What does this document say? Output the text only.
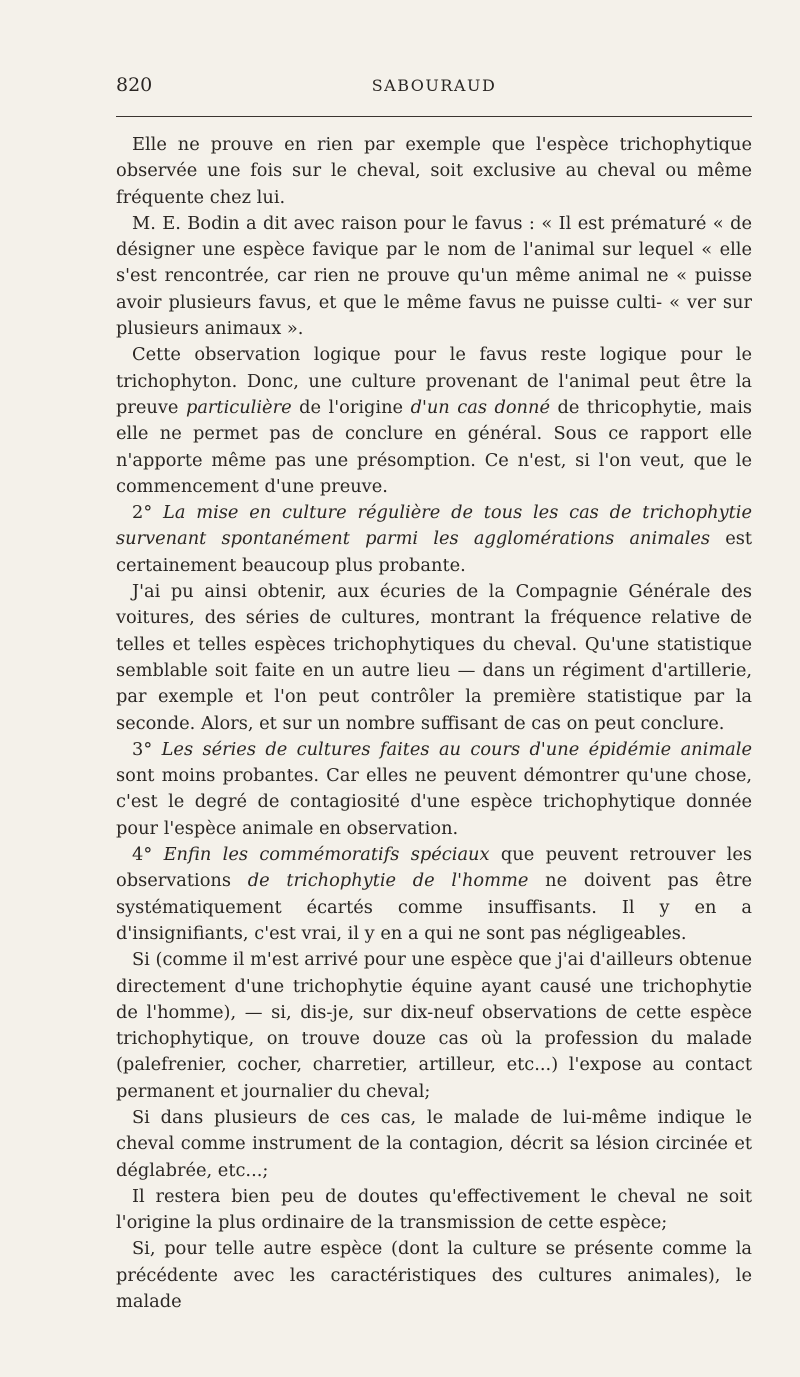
820	SABOURAUD

Elle ne prouve en rien par exemple que l'espèce trichophytique observée une fois sur le cheval, soit exclusive au cheval ou même fréquente chez lui.

M. E. Bodin a dit avec raison pour le favus : « Il est prématuré « de désigner une espèce favique par le nom de l'animal sur lequel « elle s'est rencontrée, car rien ne prouve qu'un même animal ne « puisse avoir plusieurs favus, et que le même favus ne puisse culti- « ver sur plusieurs animaux ».

Cette observation logique pour le favus reste logique pour le trichophyton. Donc, une culture provenant de l'animal peut être la preuve particulière de l'origine d'un cas donné de thricophytie, mais elle ne permet pas de conclure en général. Sous ce rapport elle n'apporte même pas une présomption. Ce n'est, si l'on veut, que le commencement d'une preuve.

2° La mise en culture régulière de tous les cas de trichophytie survenant spontanément parmi les agglomérations animales est certainement beaucoup plus probante.

J'ai pu ainsi obtenir, aux écuries de la Compagnie Générale des voitures, des séries de cultures, montrant la fréquence relative de telles et telles espèces trichophytiques du cheval. Qu'une statistique semblable soit faite en un autre lieu — dans un régiment d'artillerie, par exemple et l'on peut contrôler la première statistique par la seconde. Alors, et sur un nombre suffisant de cas on peut conclure.

3° Les séries de cultures faites au cours d'une épidémie animale sont moins probantes. Car elles ne peuvent démontrer qu'une chose, c'est le degré de contagiosité d'une espèce trichophytique donnée pour l'espèce animale en observation.

4° Enfin les commémoratifs spéciaux que peuvent retrouver les observations de trichophytie de l'homme ne doivent pas être systématiquement écartés comme insuffisants. Il y en a d'insignifiants, c'est vrai, il y en a qui ne sont pas négligeables.

Si (comme il m'est arrivé pour une espèce que j'ai d'ailleurs obtenue directement d'une trichophytie équine ayant causé une trichophytie de l'homme), — si, dis-je, sur dix-neuf observations de cette espèce trichophytique, on trouve douze cas où la profession du malade (palefrenier, cocher, charretier, artilleur, etc...) l'expose au contact permanent et journalier du cheval;

Si dans plusieurs de ces cas, le malade de lui-même indique le cheval comme instrument de la contagion, décrit sa lésion circinée et déglabrée, etc...;

Il restera bien peu de doutes qu'effectivement le cheval ne soit l'origine la plus ordinaire de la transmission de cette espèce;

Si, pour telle autre espèce (dont la culture se présente comme la précédente avec les caractéristiques des cultures animales), le malade
